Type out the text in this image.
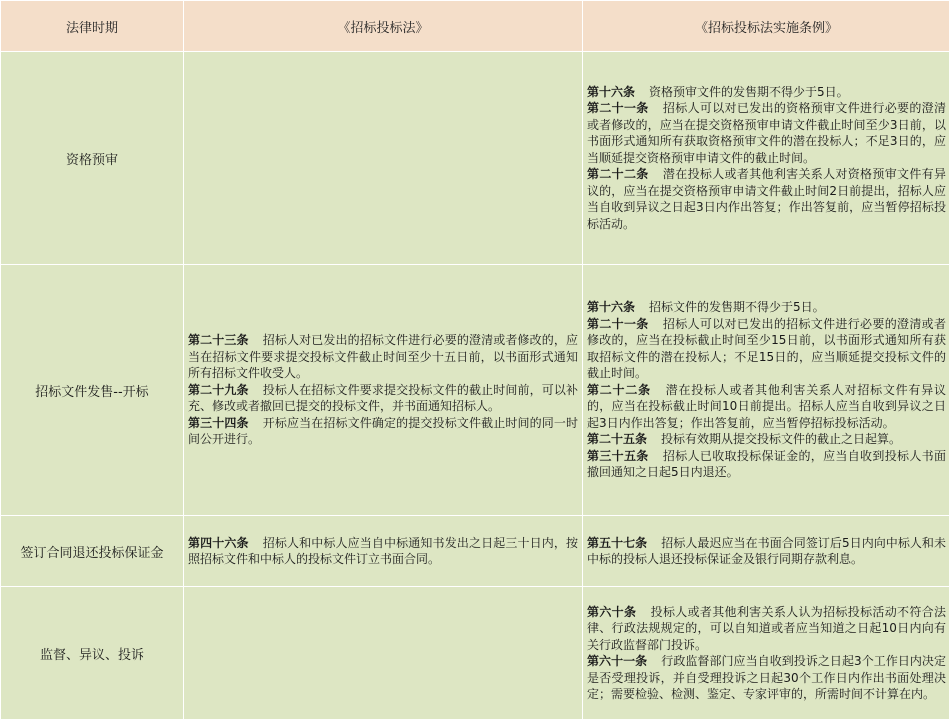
法律时期	《招标投标法》	《招标投标法实施条例》
资格预审

第十六条 资格预审文件的发售期不得少于5日。

第二十一条 招标人可以对已发出的资格预审文件进行必要的澄清或者修改的，应当在提交资格预审申请文件截止时间至少3日前，以书面形式通知所有获取资格预审文件的潜在投标人；不足3日的，应当顺延提交资格预审申请文件的截止时间。

第二十二条 潜在投标人或者其他利害关系人对资格预审文件有异议的，应当在提交资格预审申请文件截止时间2日前提出，招标人应当自收到异议之日起3日内作出答复；作出答复前，应当暂停招标投标活动。

招标文件发售--开标

第二十三条 招标人对已发出的招标文件进行必要的澄清或者修改的，应当在招标文件要求提交投标文件截止时间至少十五日前，以书面形式通知所有招标文件收受人。

第二十九条 投标人在招标文件要求提交投标文件的截止时间前，可以补充、修改或者撤回已提交的投标文件，并书面通知招标人。

第三十四条 开标应当在招标文件确定的提交投标文件截止时间的同一时间公开进行。

第十六条 招标文件的发售期不得少于5日。

第二十一条 招标人可以对已发出的招标文件进行必要的澄清或者修改的，应当在投标截止时间至少15日前，以书面形式通知所有获取招标文件的潜在投标人；不足15日的，应当顺延提交投标文件的截止时间。

第二十二条 潜在投标人或者其他利害关系人对招标文件有异议的，应当在投标截止时间10日前提出。招标人应当自收到异议之日起3日内作出答复；作出答复前，应当暂停招标投标活动。

第二十五条 投标有效期从提交投标文件的截止之日起算。

第三十五条 招标人已收取投标保证金的，应当自收到投标人书面撤回通知之日起5日内退还。

签订合同退还投标保证金

第四十六条 招标人和中标人应当自中标通知书发出之日起三十日内，按照招标文件和中标人的投标文件订立书面合同。

第五十七条 招标人最迟应当在书面合同签订后5日内向中标人和未中标的投标人退还投标保证金及银行同期存款利息。

监督、异议、投诉

第六十条 投标人或者其他利害关系人认为招标投标活动不符合法律、行政法规规定的，可以自知道或者应当知道之日起10日内向有关行政监督部门投诉。

第六十一条 行政监督部门应当自收到投诉之日起3个工作日内决定是否受理投诉，并自受理投诉之日起30个工作日内作出书面处理决定；需要检验、检测、鉴定、专家评审的，所需时间不计算在内。
